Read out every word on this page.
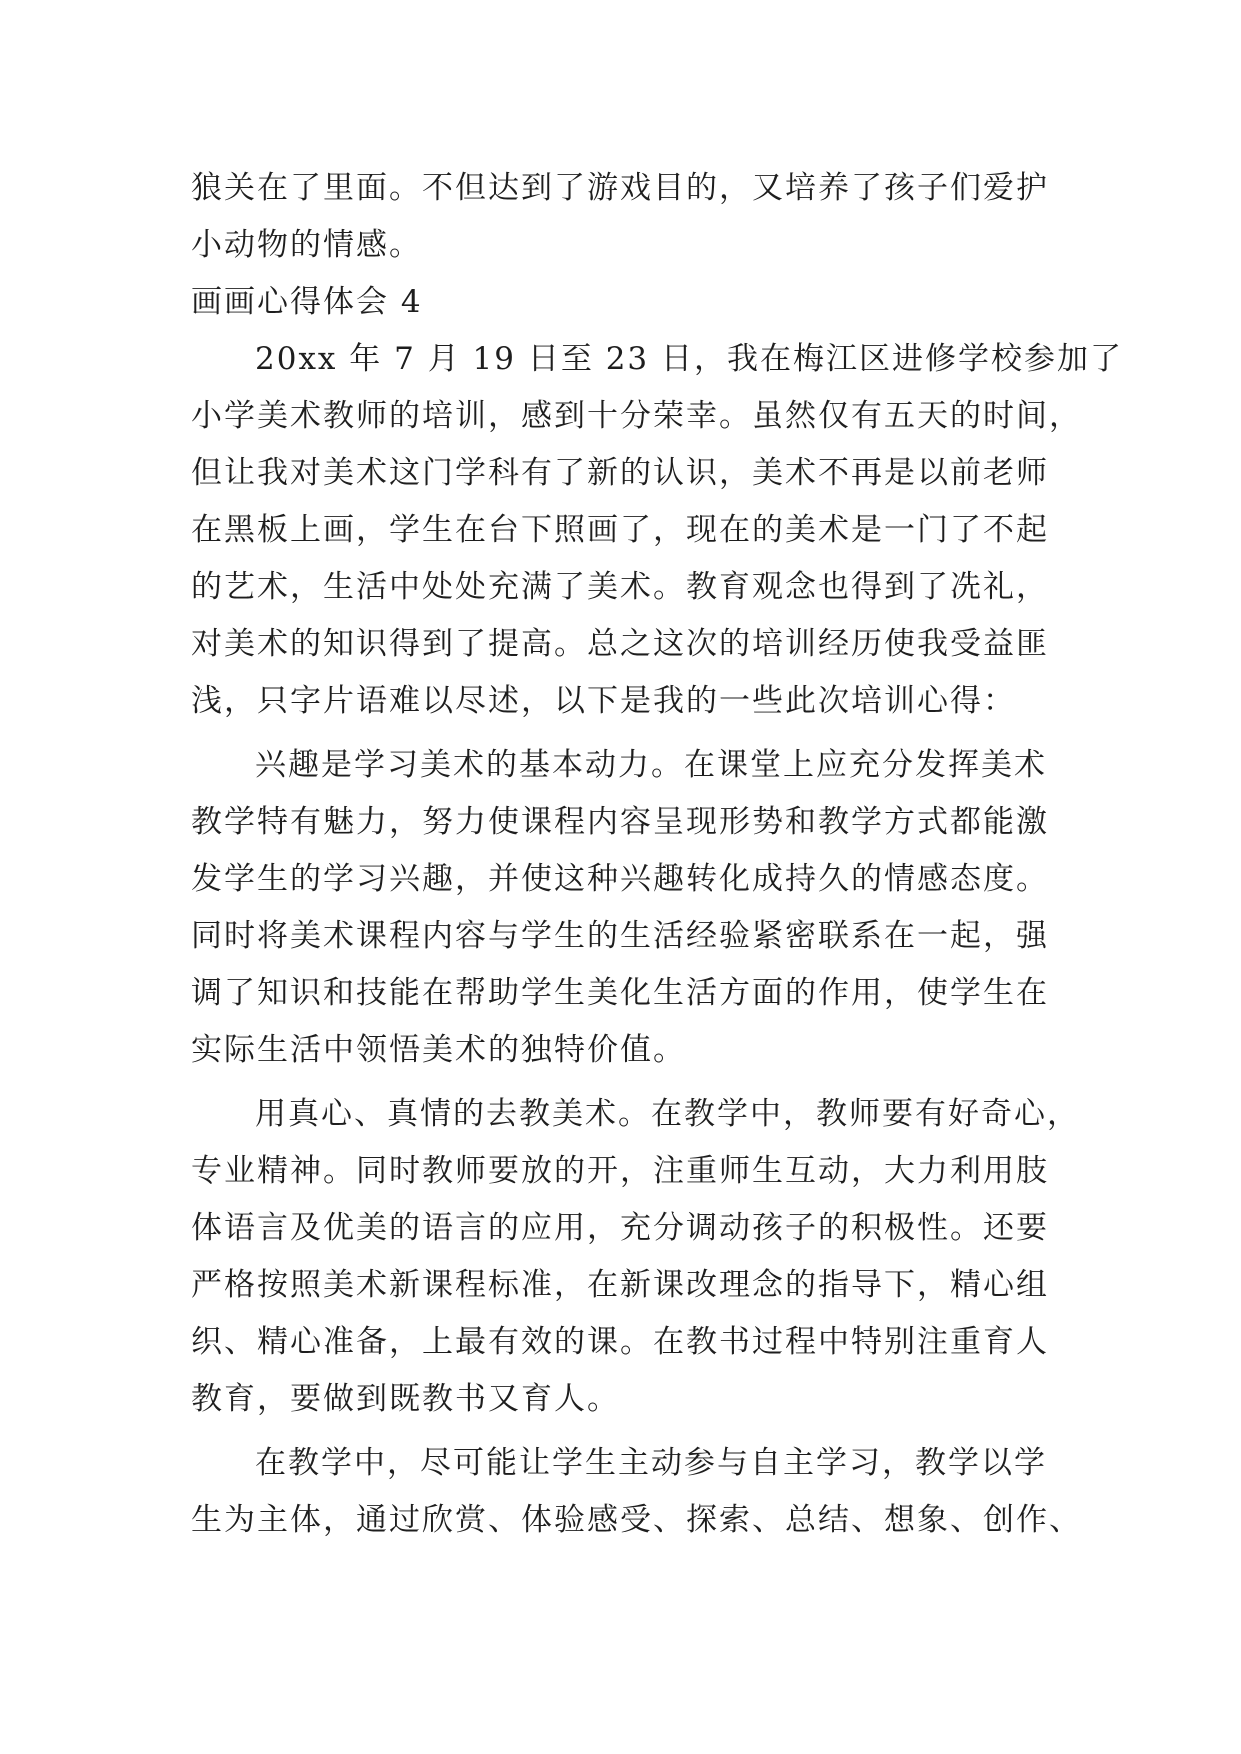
狼关在了里面。不但达到了游戏目的，又培养了孩子们爱护
小动物的情感。
画画心得体会 4
20xx 年 7 月 19 日至 23 日，我在梅江区进修学校参加了
小学美术教师的培训，感到十分荣幸。虽然仅有五天的时间，
但让我对美术这门学科有了新的认识，美术不再是以前老师
在黑板上画，学生在台下照画了，现在的美术是一门了不起
的艺术，生活中处处充满了美术。教育观念也得到了冼礼，
对美术的知识得到了提高。总之这次的培训经历使我受益匪
浅，只字片语难以尽述，以下是我的一些此次培训心得：
兴趣是学习美术的基本动力。在课堂上应充分发挥美术
教学特有魅力，努力使课程内容呈现形势和教学方式都能激
发学生的学习兴趣，并使这种兴趣转化成持久的情感态度。
同时将美术课程内容与学生的生活经验紧密联系在一起，强
调了知识和技能在帮助学生美化生活方面的作用，使学生在
实际生活中领悟美术的独特价值。
用真心、真情的去教美术。在教学中，教师要有好奇心，
专业精神。同时教师要放的开，注重师生互动，大力利用肢
体语言及优美的语言的应用，充分调动孩子的积极性。还要
严格按照美术新课程标准，在新课改理念的指导下，精心组
织、精心准备，上最有效的课。在教书过程中特别注重育人
教育，要做到既教书又育人。
在教学中，尽可能让学生主动参与自主学习，教学以学
生为主体，通过欣赏、体验感受、探索、总结、想象、创作、
